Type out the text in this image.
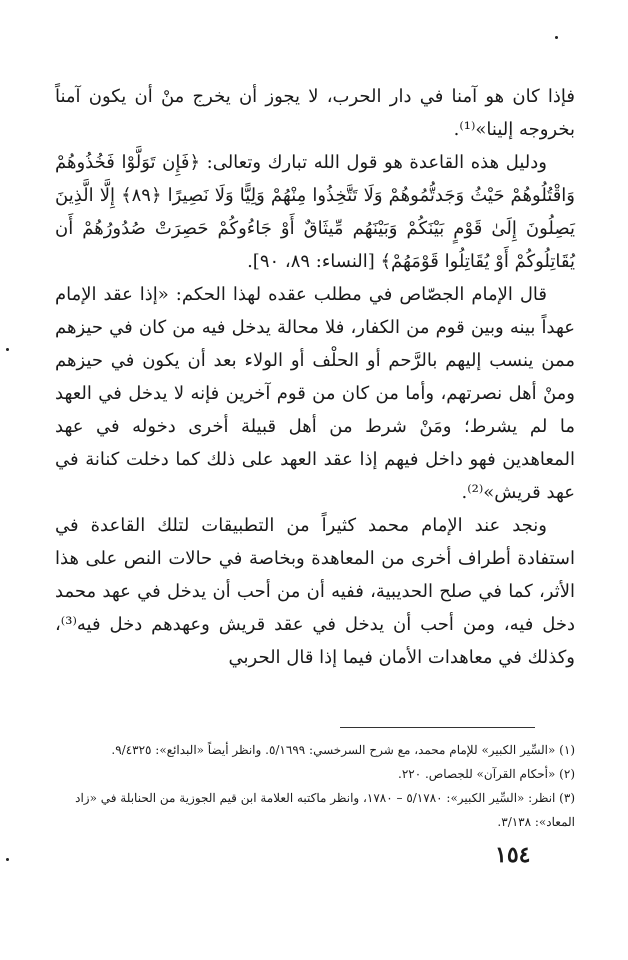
فإذا كان هو آمنا في دار الحرب، لا يجوز أن يخرج منْ أن يكون آمناً بخروجه إلينا»⁽¹⁾.

ودليل هذه القاعدة هو قول الله تبارك وتعالى: ﴿فَإِن تَوَلَّوْا فَخُذُوهُمْ وَاقْتُلُوهُمْ حَيْثُ وَجَدتُّمُوهُمْ وَلَا تَتَّخِذُوا مِنْهُمْ وَلِيًّا وَلَا نَصِيرًا ﴿٨٩﴾ إِلَّا الَّذِينَ يَصِلُونَ إِلَىٰ قَوْمٍ بَيْنَكُمْ وَبَيْنَهُم مِّيثَاقٌ أَوْ جَاءُوكُمْ حَصِرَتْ صُدُورُهُمْ أَن يُقَاتِلُوكُمْ أَوْ يُقَاتِلُوا قَوْمَهُمْ﴾ [النساء: ٨٩، ٩٠].

قال الإمام الجصّاص في مطلب عقده لهذا الحكم: «إذا عقد الإمام عهداً بينه وبين قوم من الكفار، فلا محالة يدخل فيه من كان في حيزهم ممن ينسب إليهم بالرَّحم أو الحلْف أو الولاء بعد أن يكون في حيزهم ومنْ أهل نصرتهم، وأما من كان من قوم آخرين فإنه لا يدخل في العهد ما لم يشرط؛ ومَنْ شرط من أهل قبيلة أخرى دخوله في عهد المعاهدين فهو داخل فيهم إذا عقد العهد على ذلك كما دخلت كنانة في عهد قريش»⁽²⁾.

ونجد عند الإمام محمد كثيراً من التطبيقات لتلك القاعدة في استفادة أطراف أخرى من المعاهدة وبخاصة في حالات النص على هذا الأثر، كما في صلح الحديبية، ففيه أن من أحب أن يدخل في عهد محمد دخل فيه، ومن أحب أن يدخل في عقد قريش وعهدهم دخل فيه⁽³⁾، وكذلك في معاهدات الأمان فيما إذا قال الحربي

(١) «السِّير الكبير» للإمام محمد، مع شرح السرخسي: ٥/١٦٩٩. وانظر أيضاً «البدائع»: ٩/٤٣٢٥.

(٢) «أحكام القرآن» للجصاص. ٢٢٠.

(٣) انظر: «السِّير الكبير»: ٥/١٧٨٠ – ١٧٨٠، وانظر ماكتبه العلامة ابن قيم الجوزية من الحنابلة في «زاد المعاد»: ٣/١٣٨.

١٥٤
